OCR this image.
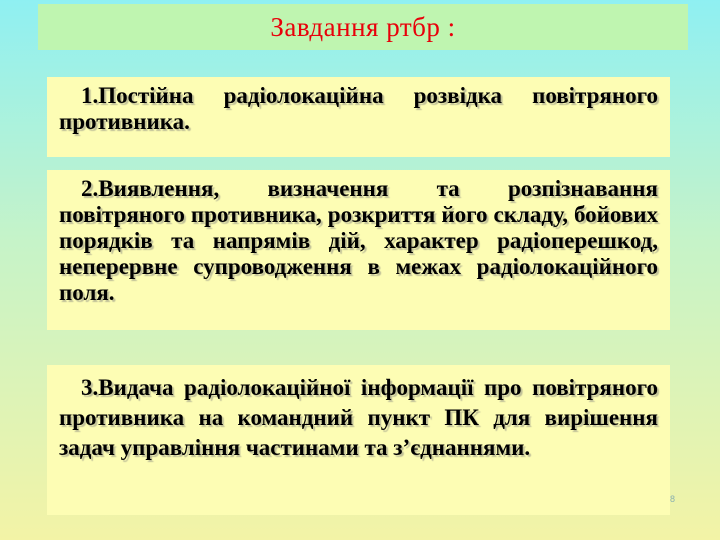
Завдання ртбр :

1.Постійна радіолокаційна розвідка повітряного противника.

2.Виявлення, визначення та розпізнавання повітряного противника, розкриття його складу, бойових порядків та напрямів дій, характер радіоперешкод, неперервне супроводження в межах радіолокаційного поля.

3.Видача радіолокаційної інформації про повітряного противника на командний пункт ПК для вирішення задач управління частинами та з’єднаннями.

8
